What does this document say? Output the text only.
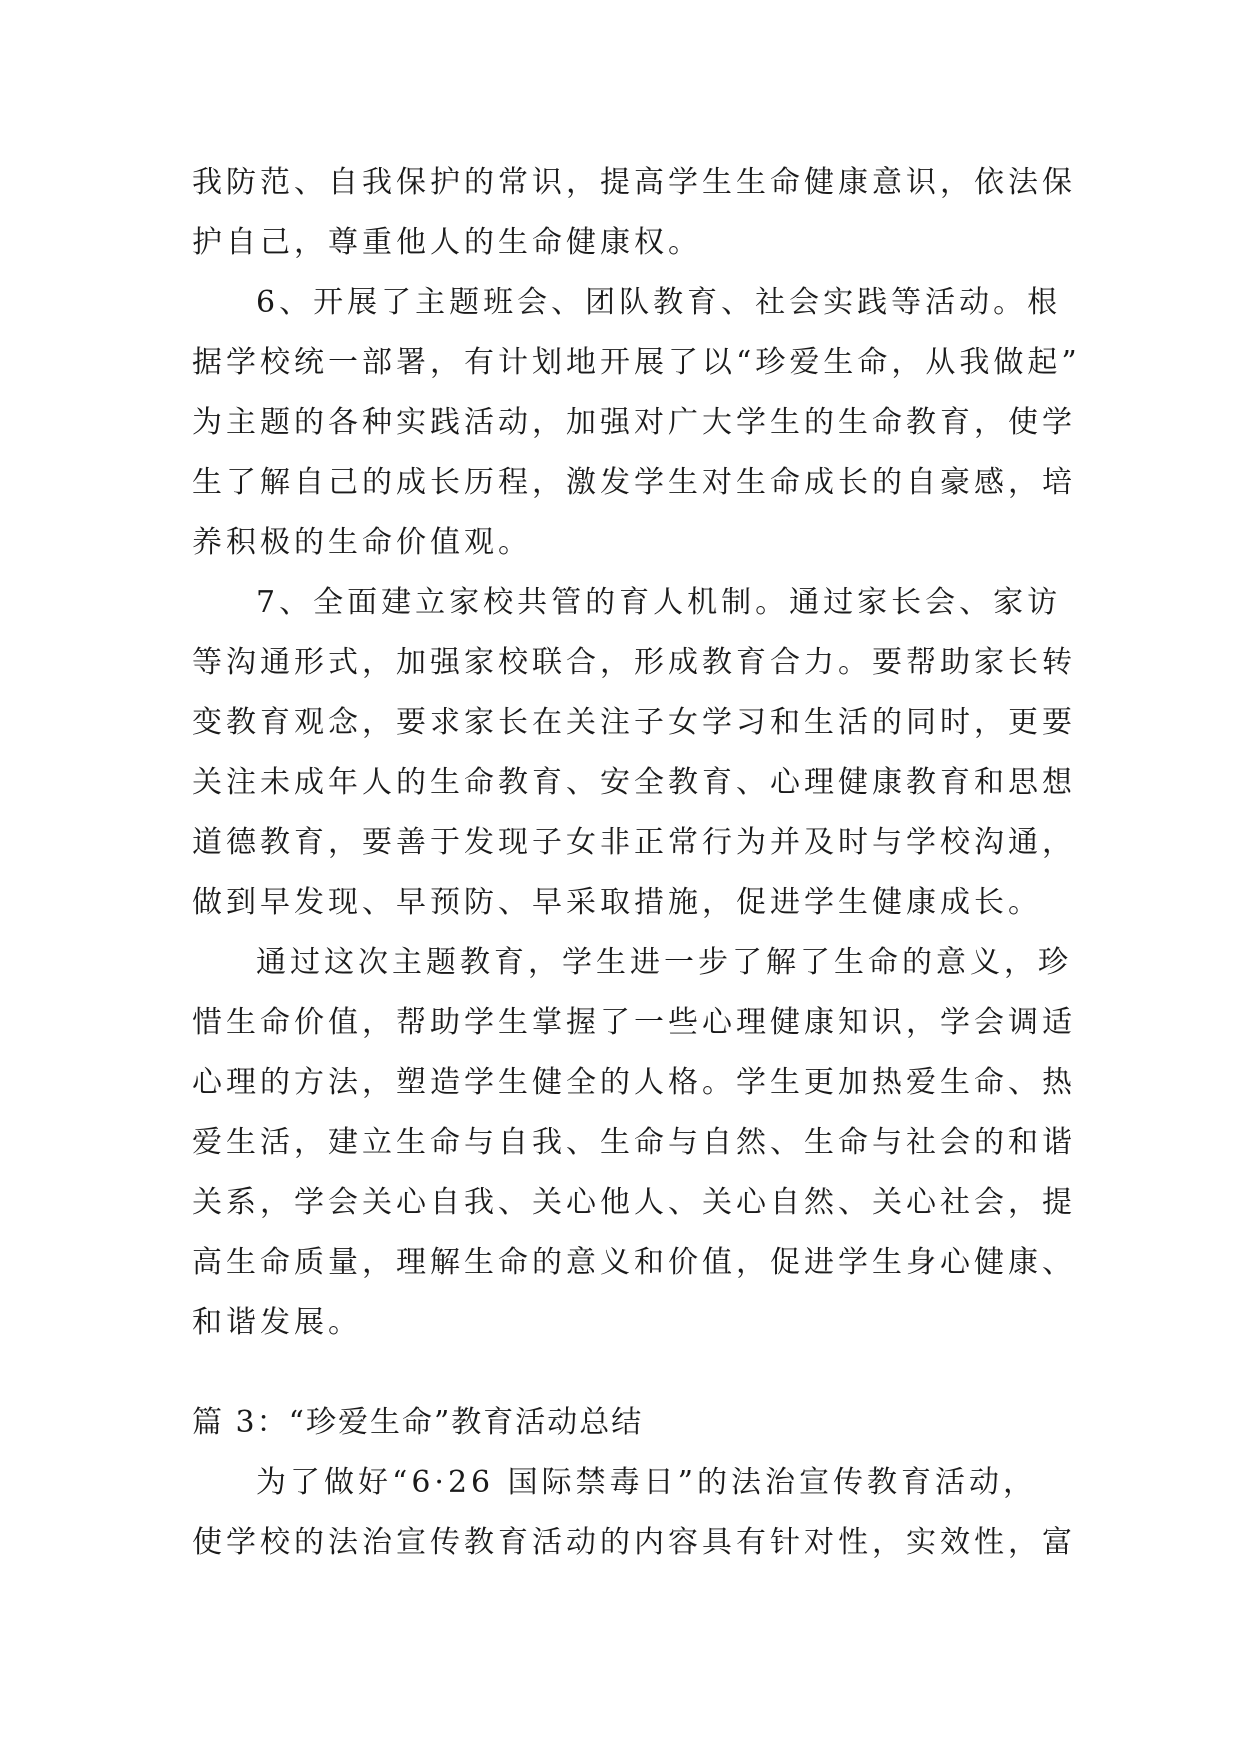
我防范、自我保护的常识，提高学生生命健康意识，依法保
护自己，尊重他人的生命健康权。
6、开展了主题班会、团队教育、社会实践等活动。根
据学校统一部署，有计划地开展了以“珍爱生命，从我做起”
为主题的各种实践活动，加强对广大学生的生命教育，使学
生了解自己的成长历程，激发学生对生命成长的自豪感，培
养积极的生命价值观。
7、全面建立家校共管的育人机制。通过家长会、家访
等沟通形式，加强家校联合，形成教育合力。要帮助家长转
变教育观念，要求家长在关注子女学习和生活的同时，更要
关注未成年人的生命教育、安全教育、心理健康教育和思想
道德教育，要善于发现子女非正常行为并及时与学校沟通，
做到早发现、早预防、早采取措施，促进学生健康成长。
通过这次主题教育，学生进一步了解了生命的意义，珍
惜生命价值，帮助学生掌握了一些心理健康知识，学会调适
心理的方法，塑造学生健全的人格。学生更加热爱生命、热
爱生活，建立生命与自我、生命与自然、生命与社会的和谐
关系，学会关心自我、关心他人、关心自然、关心社会，提
高生命质量，理解生命的意义和价值，促进学生身心健康、
和谐发展。
篇 3：“珍爱生命”教育活动总结
为了做好“6·26 国际禁毒日”的法治宣传教育活动，
使学校的法治宣传教育活动的内容具有针对性，实效性，富
